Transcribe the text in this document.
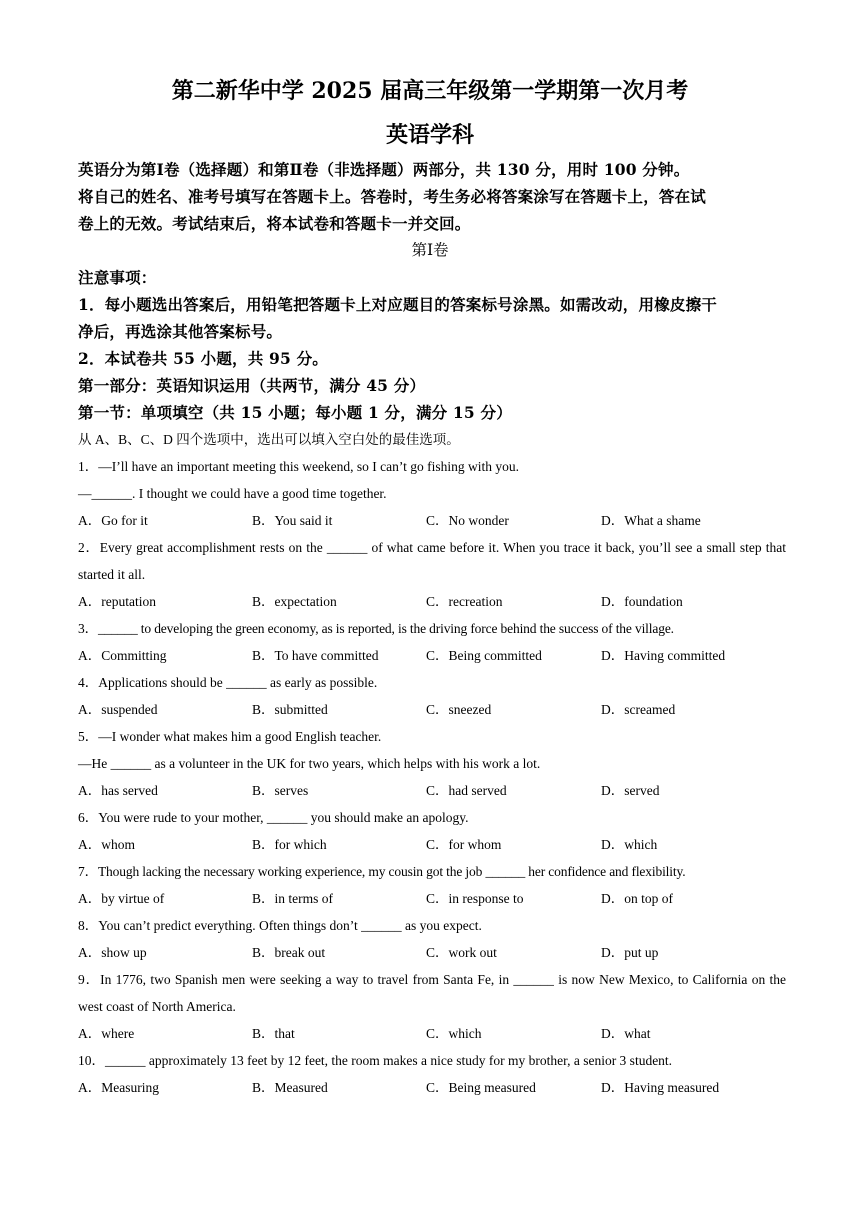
第二新华中学 2025 届高三年级第一学期第一次月考
英语学科
英语分为第Ⅰ卷（选择题）和第Ⅱ卷（非选择题）两部分，共 130 分，用时 100 分钟。
将自己的姓名、准考号填写在答题卡上。答卷时，考生务必将答案涂写在答题卡上，答在试
卷上的无效。考试结束后，将本试卷和答题卡一并交回。
第Ⅰ卷
注意事项：
1．每小题选出答案后，用铅笔把答题卡上对应题目的答案标号涂黑。如需改动，用橡皮擦干
净后，再选涂其他答案标号。
2．本试卷共 55 小题，共 95 分。
第一部分：英语知识运用（共两节，满分 45 分）
第一节：单项填空（共 15 小题；每小题 1 分，满分 15 分）
从 A、B、C、D 四个选项中，选出可以填入空白处的最佳选项。
1．—I’ll have an important meeting this weekend, so I can’t go fishing with you.
—______. I thought we could have a good time together.
A．Go for it	B．You said it	C．No wonder	D．What a shame
2．Every great accomplishment rests on the ______ of what came before it. When you trace it back, you’ll see a small step that started it all.
A．reputation	B．expectation	C．recreation	D．foundation
3．______ to developing the green economy, as is reported, is the driving force behind the success of the village.
A．Committing	B．To have committed	C．Being committed	D．Having committed
4．Applications should be ______ as early as possible.
A．suspended	B．submitted	C．sneezed	D．screamed
5．—I wonder what makes him a good English teacher.
—He ______ as a volunteer in the UK for two years, which helps with his work a lot.
A．has served	B．serves	C．had served	D．served
6．You were rude to your mother, ______ you should make an apology.
A．whom	B．for which	C．for whom	D．which
7．Though lacking the necessary working experience, my cousin got the job ______ her confidence and flexibility.
A．by virtue of	B．in terms of	C．in response to	D．on top of
8．You can’t predict everything. Often things don’t ______ as you expect.
A．show up	B．break out	C．work out	D．put up
9．In 1776, two Spanish men were seeking a way to travel from Santa Fe, in ______ is now New Mexico, to California on the west coast of North America.
A．where	B．that	C．which	D．what
10．______ approximately 13 feet by 12 feet, the room makes a nice study for my brother, a senior 3 student.
A．Measuring	B．Measured	C．Being measured	D．Having measured
